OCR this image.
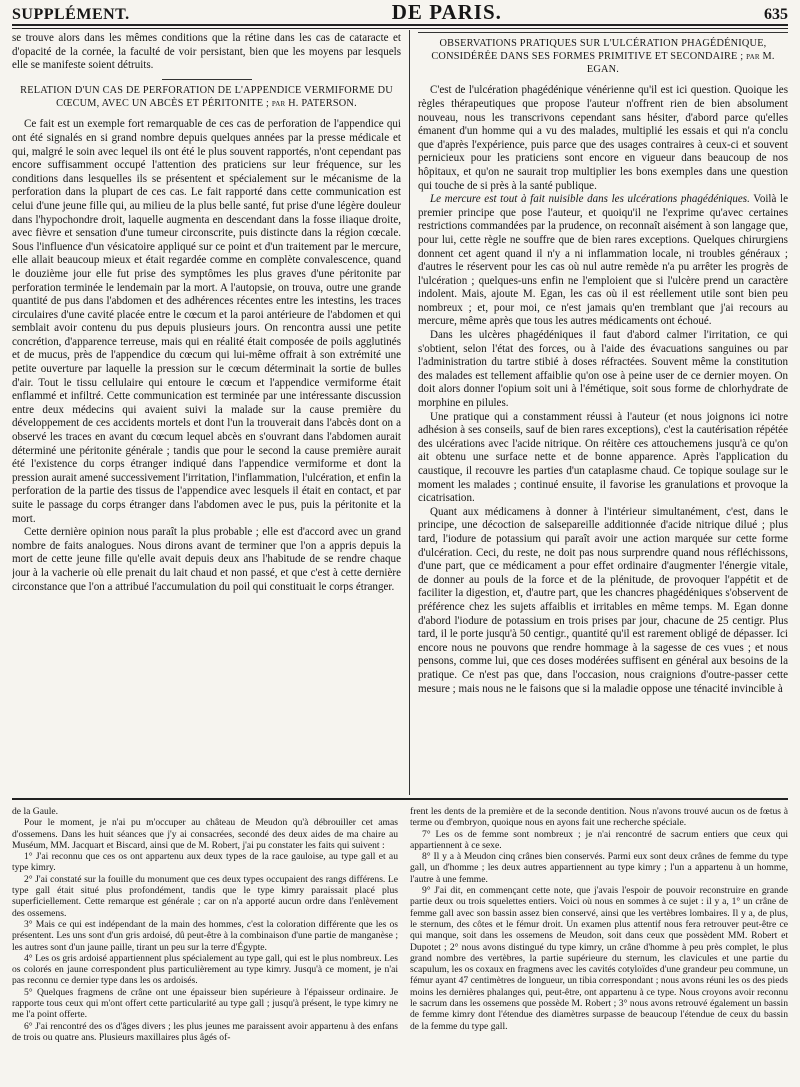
SUPPLÉMENT.	DE PARIS.	635

se trouve alors dans les mêmes conditions que la rétine dans les cas de cataracte et d'opacité de la cornée, la faculté de voir persistant, bien que les moyens par lesquels elle se manifeste soient détruits.

RELATION D'UN CAS DE PERFORATION DE L'APPENDICE VERMIFORME DU CŒCUM, AVEC UN ABCÈS ET PÉRITONITE ; par H. PATERSON.

Ce fait est un exemple fort remarquable de ces cas de perforation de l'appendice qui ont été signalés en si grand nombre depuis quelques années par la presse médicale et qui, malgré le soin avec lequel ils ont été le plus souvent rapportés, n'ont cependant pas encore suffisamment occupé l'attention des praticiens sur leur fréquence, sur les conditions dans lesquelles ils se présentent et spécialement sur le mécanisme de la perforation dans la plupart de ces cas. Le fait rapporté dans cette communication est celui d'une jeune fille qui, au milieu de la plus belle santé, fut prise d'une légère douleur dans l'hypochondre droit, laquelle augmenta en descendant dans la fosse iliaque droite, avec fièvre et sensation d'une tumeur circonscrite, puis distincte dans la région cœcale. Sous l'influence d'un vésicatoire appliqué sur ce point et d'un traitement par le mercure, elle allait beaucoup mieux et était regardée comme en complète convalescence, quand le douzième jour elle fut prise des symptômes les plus graves d'une péritonite par perforation terminée le lendemain par la mort. A l'autopsie, on trouva, outre une grande quantité de pus dans l'abdomen et des adhérences récentes entre les intestins, les traces circulaires d'une cavité placée entre le cœcum et la paroi antérieure de l'abdomen et qui semblait avoir contenu du pus depuis plusieurs jours. On rencontra aussi une petite concrétion, d'apparence terreuse, mais qui en réalité était composée de poils agglutinés et de mucus, près de l'appendice du cœcum qui lui-même offrait à son extrémité une petite ouverture par laquelle la pression sur le cœcum déterminait la sortie de bulles d'air. Tout le tissu cellulaire qui entoure le cœcum et l'appendice vermiforme était enflammé et infiltré. Cette communication est terminée par une intéressante discussion entre deux médecins qui avaient suivi la malade sur la cause première du développement de ces accidents mortels et dont l'un la trouverait dans l'abcès dont on a observé les traces en avant du cœcum lequel abcès en s'ouvrant dans l'abdomen aurait déterminé une péritonite générale ; tandis que pour le second la cause première aurait été l'existence du corps étranger indiqué dans l'appendice vermiforme et dont la pression aurait amené successivement l'irritation, l'inflammation, l'ulcération, et enfin la perforation de la partie des tissus de l'appendice avec lesquels il était en contact, et par suite le passage du corps étranger dans l'abdomen avec le pus, puis la péritonite et la mort.

Cette dernière opinion nous paraît la plus probable ; elle est d'accord avec un grand nombre de faits analogues. Nous dirons avant de terminer que l'on a appris depuis la mort de cette jeune fille qu'elle avait depuis deux ans l'habitude de se rendre chaque jour à la vacherie où elle prenait du lait chaud et non passé, et que c'est à cette dernière circonstance que l'on a attribué l'accumulation du poil qui constituait le corps étranger.

OBSERVATIONS PRATIQUES SUR L'ULCÉRATION PHAGÉDÉNIQUE, CONSIDÉRÉE DANS SES FORMES PRIMITIVE ET SECONDAIRE ; par M. EGAN.

C'est de l'ulcération phagédénique vénérienne qu'il est ici question. Quoique les règles thérapeutiques que propose l'auteur n'offrent rien de bien absolument nouveau, nous les transcrivons cependant sans hésiter, d'abord parce qu'elles émanent d'un homme qui a vu des malades, multiplié les essais et qui n'a conclu que d'après l'expérience, puis parce que des usages contraires à ceux-ci et souvent pernicieux pour les praticiens sont encore en vigueur dans beaucoup de nos hôpitaux, et qu'on ne saurait trop multiplier les bons exemples dans une question qui touche de si près à la santé publique.

Le mercure est tout à fait nuisible dans les ulcérations phagédéniques. Voilà le premier principe que pose l'auteur, et quoiqu'il ne l'exprime qu'avec certaines restrictions commandées par la prudence, on reconnaît aisément à son langage que, pour lui, cette règle ne souffre que de bien rares exceptions. Quelques chirurgiens donnent cet agent quand il n'y a ni inflammation locale, ni troubles généraux ; d'autres le réservent pour les cas où nul autre remède n'a pu arrêter les progrès de l'ulcération ; quelques-uns enfin ne l'emploient que si l'ulcère prend un caractère indolent. Mais, ajoute M. Egan, les cas où il est réellement utile sont bien peu nombreux ; et, pour moi, ce n'est jamais qu'en tremblant que j'ai recours au mercure, même après que tous les autres médicaments ont échoué.

Dans les ulcères phagédéniques il faut d'abord calmer l'irritation, ce qui s'obtient, selon l'état des forces, ou à l'aide des évacuations sanguines ou par l'administration du tartre stibié à doses réfractées. Souvent même la constitution des malades est tellement affaiblie qu'on ose à peine user de ce dernier moyen. On doit alors donner l'opium soit uni à l'émétique, soit sous forme de chlorhydrate de morphine en pilules.

Une pratique qui a constamment réussi à l'auteur (et nous joignons ici notre adhésion à ses conseils, sauf de bien rares exceptions), c'est la cautérisation répétée des ulcérations avec l'acide nitrique. On réitère ces attouchemens jusqu'à ce qu'on ait obtenu une surface nette et de bonne apparence. Après l'application du caustique, il recouvre les parties d'un cataplasme chaud. Ce topique soulage sur le moment les malades ; continué ensuite, il favorise les granulations et provoque la cicatrisation.

Quant aux médicamens à donner à l'intérieur simultanément, c'est, dans le principe, une décoction de salsepareille additionnée d'acide nitrique dilué ; plus tard, l'iodure de potassium qui paraît avoir une action marquée sur cette forme d'ulcération. Ceci, du reste, ne doit pas nous surprendre quand nous réfléchissons, d'une part, que ce médicament a pour effet ordinaire d'augmenter l'énergie vitale, de donner au pouls de la force et de la plénitude, de provoquer l'appétit et de faciliter la digestion, et, d'autre part, que les chancres phagédéniques s'observent de préférence chez les sujets affaiblis et irritables en même temps. M. Egan donne d'abord l'iodure de potassium en trois prises par jour, chacune de 25 centigr. Plus tard, il le porte jusqu'à 50 centigr., quantité qu'il est rarement obligé de dépasser. Ici encore nous ne pouvons que rendre hommage à la sagesse de ces vues ; et nous pensons, comme lui, que ces doses modérées suffisent en général aux besoins de la pratique. Ce n'est pas que, dans l'occasion, nous craignions d'outre-passer cette mesure ; mais nous ne le faisons que si la maladie oppose une ténacité invincible à

de la Gaule.

Pour le moment, je n'ai pu m'occuper au château de Meudon qu'à débrouiller cet amas d'ossemens. Dans les huit séances que j'y ai consacrées, secondé des deux aides de ma chaire au Muséum, MM. Jacquart et Biscard, ainsi que de M. Robert, j'ai pu constater les faits qui suivent :

1° J'ai reconnu que ces os ont appartenu aux deux types de la race gauloise, au type gall et au type kimry.

2° J'ai constaté sur la fouille du monument que ces deux types occupaient des rangs différens. Le type gall était situé plus profondément, tandis que le type kimry paraissait placé plus superficiellement. Cette remarque est générale ; car on n'a apporté aucun ordre dans l'enlèvement des ossemens.

3° Mais ce qui est indépendant de la main des hommes, c'est la coloration différente que les os présentent. Les uns sont d'un gris ardoisé, dû peut-être à la combinaison d'une partie de manganèse ; les autres sont d'un jaune paille, tirant un peu sur la terre d'Égypte.

4° Les os gris ardoisé appartiennent plus spécialement au type gall, qui est le plus nombreux. Les os colorés en jaune correspondent plus particulièrement au type kimry. Jusqu'à ce moment, je n'ai pas reconnu ce dernier type dans les os ardoisés.

5° Quelques fragmens de crâne ont une épaisseur bien supérieure à l'épaisseur ordinaire. Je rapporte tous ceux qui m'ont offert cette particularité au type gall ; jusqu'à présent, le type kimry ne me l'a point offerte.

6° J'ai rencontré des os d'âges divers ; les plus jeunes me paraissent avoir appartenu à des enfans de trois ou quatre ans. Plusieurs maxillaires plus âgés of-

frent les dents de la première et de la seconde dentition. Nous n'avons trouvé aucun os de fœtus à terme ou d'embryon, quoique nous en ayons fait une recherche spéciale.

7° Les os de femme sont nombreux ; je n'ai rencontré de sacrum entiers que ceux qui appartiennent à ce sexe.

8° Il y a à Meudon cinq crânes bien conservés. Parmi eux sont deux crânes de femme du type gall, un d'homme ; les deux autres appartiennent au type kimry ; l'un a appartenu à un homme, l'autre à une femme.

9° J'ai dit, en commençant cette note, que j'avais l'espoir de pouvoir reconstruire en grande partie deux ou trois squelettes entiers. Voici où nous en sommes à ce sujet : il y a, 1° un crâne de femme gall avec son bassin assez bien conservé, ainsi que les vertèbres lombaires. Il y a, de plus, le sternum, des côtes et le fémur droit. Un examen plus attentif nous fera retrouver peut-être ce qui manque, soit dans les ossemens de Meudon, soit dans ceux que possèdent MM. Robert et Dupotet ; 2° nous avons distingué du type kimry, un crâne d'homme à peu près complet, le plus grand nombre des vertèbres, la partie supérieure du sternum, les clavicules et une partie du scapulum, les os coxaux en fragmens avec les cavités cotyloïdes d'une grandeur peu commune, un fémur ayant 47 centimètres de longueur, un tibia correspondant ; nous avons réuni les os des pieds moins les dernières phalanges qui, peut-être, ont appartenu à ce type. Nous croyons avoir reconnu le sacrum dans les ossemens que possède M. Robert ; 3° nous avons retrouvé également un bassin de femme kimry dont l'étendue des diamètres surpasse de beaucoup l'étendue de ceux du bassin de la femme du type gall.
